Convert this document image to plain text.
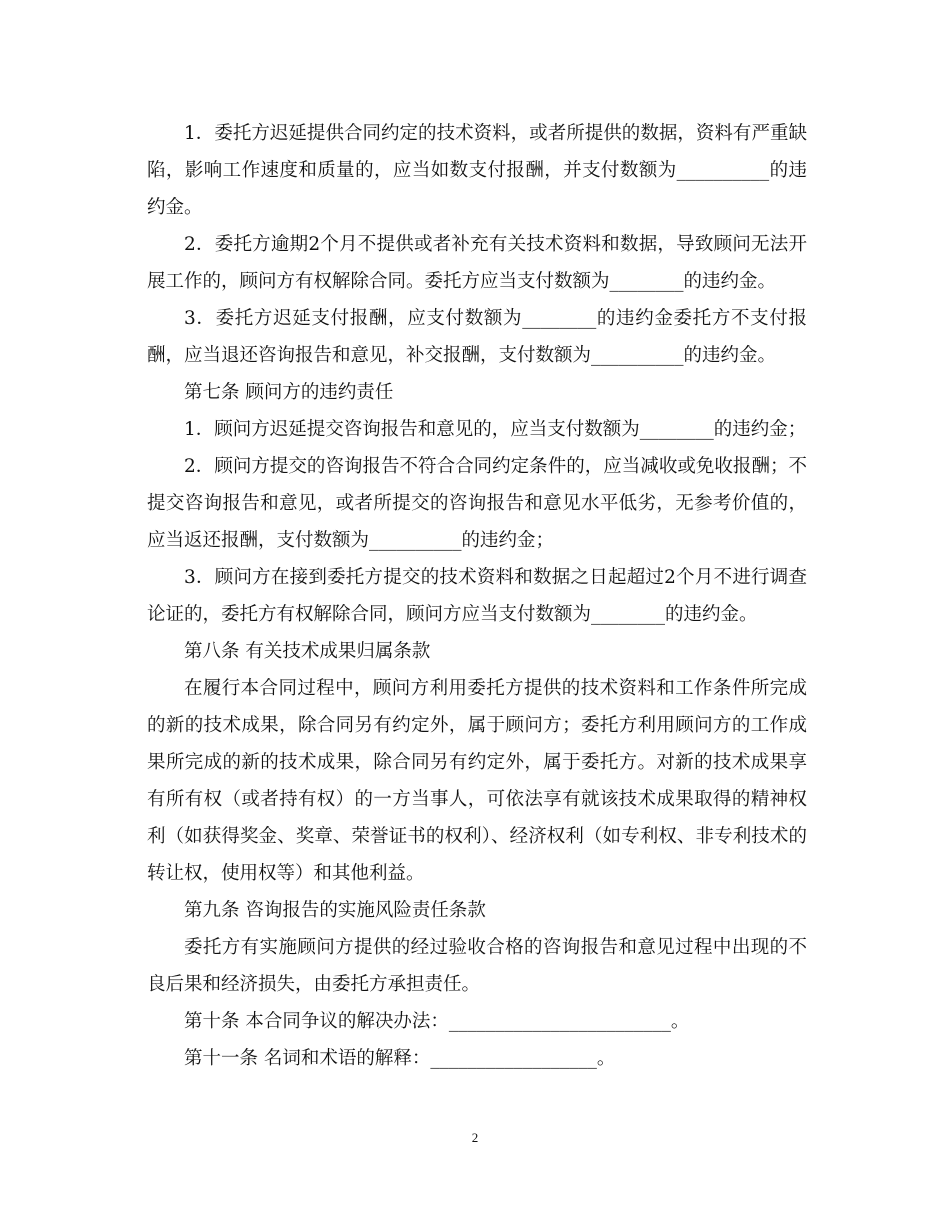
1．委托方迟延提供合同约定的技术资料，或者所提供的数据，资料有严重缺陷，影响工作速度和质量的，应当如数支付报酬，并支付数额为__________的违约金。

2．委托方逾期2个月不提供或者补充有关技术资料和数据，导致顾问无法开展工作的，顾问方有权解除合同。委托方应当支付数额为________的违约金。

3．委托方迟延支付报酬，应支付数额为________的违约金委托方不支付报酬，应当退还咨询报告和意见，补交报酬，支付数额为__________的违约金。

第七条 顾问方的违约责任

1．顾问方迟延提交咨询报告和意见的，应当支付数额为________的违约金；

2．顾问方提交的咨询报告不符合合同约定条件的，应当减收或免收报酬；不提交咨询报告和意见，或者所提交的咨询报告和意见水平低劣，无参考价值的，应当返还报酬，支付数额为__________的违约金；

3．顾问方在接到委托方提交的技术资料和数据之日起超过2个月不进行调查论证的，委托方有权解除合同，顾问方应当支付数额为________的违约金。

第八条 有关技术成果归属条款

在履行本合同过程中，顾问方利用委托方提供的技术资料和工作条件所完成的新的技术成果，除合同另有约定外，属于顾问方；委托方利用顾问方的工作成果所完成的新的技术成果，除合同另有约定外，属于委托方。对新的技术成果享有所有权（或者持有权）的一方当事人，可依法享有就该技术成果取得的精神权利（如获得奖金、奖章、荣誉证书的权利）、经济权利（如专利权、非专利技术的转让权，使用权等）和其他利益。

第九条 咨询报告的实施风险责任条款

委托方有实施顾问方提供的经过验收合格的咨询报告和意见过程中出现的不良后果和经济损失，由委托方承担责任。

第十条 本合同争议的解决办法：________________________。

第十一条 名词和术语的解释：__________________。

2
